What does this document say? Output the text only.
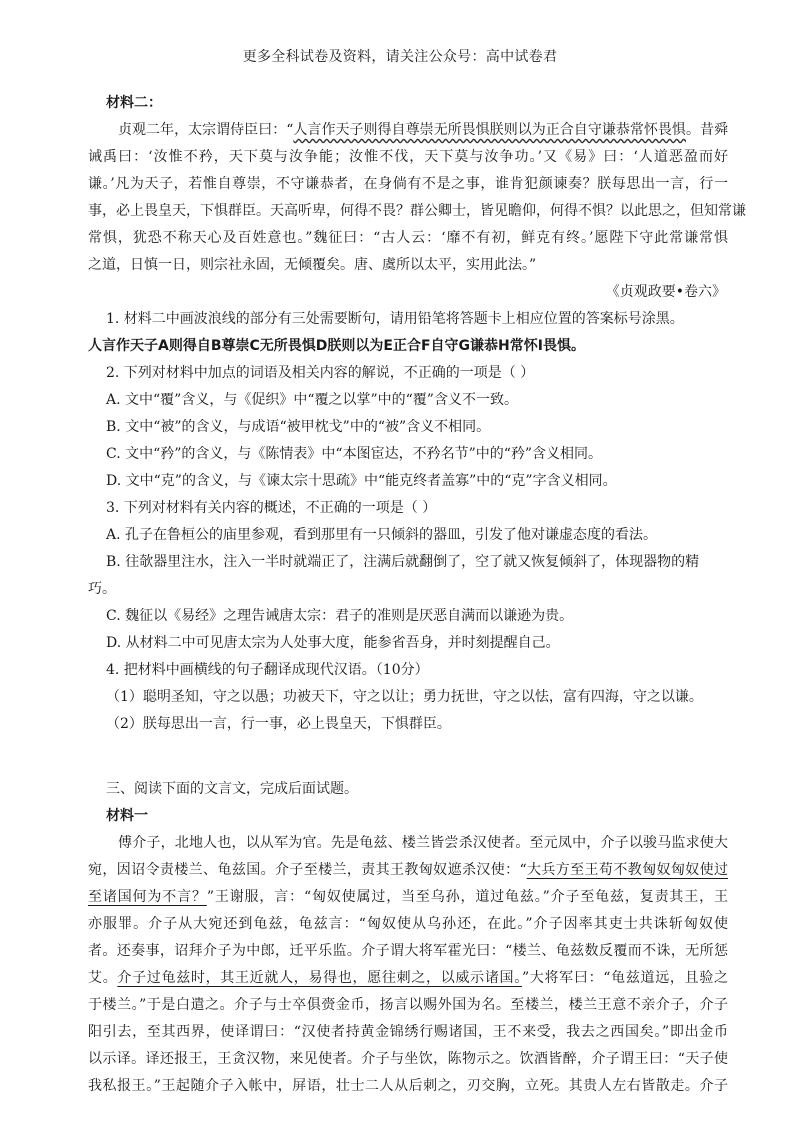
更多全科试卷及资料，请关注公众号：高中试卷君
材料二：
贞观二年，太宗谓侍臣曰：“人言作天子则得自尊崇无所畏惧朕则以为正合自守谦恭常怀畏惧。昔舜
诫禹曰：‘汝惟不矜，天下莫与汝争能；汝惟不伐，天下莫与汝争功。’又《易》曰：‘人道恶盈而好
谦。’凡为天子，若惟自尊崇，不守谦恭者，在身倘有不是之事，谁肯犯颜谏奏？朕每思出一言，行一
事，必上畏皇天，下惧群臣。天高听卑，何得不畏？群公卿士，皆见瞻仰，何得不惧？以此思之，但知常谦
常惧，犹恐不称天心及百姓意也。”魏征曰：“古人云：‘靡不有初，鲜克有终。’愿陛下守此常谦常惧
之道，日慎一日，则宗社永固，无倾覆矣。唐、虞所以太平，实用此法。”
《贞观政要•卷六》
1. 材料二中画波浪线的部分有三处需要断句，请用铅笔将答题卡上相应位置的答案标号涂黑。
人言作天子A则得自B尊崇C无所畏惧D朕则以为E正合F自守G谦恭H常怀I畏惧。
2. 下列对材料中加点的词语及相关内容的解说，不正确的一项是（ ）
A. 文中“覆”含义，与《促织》中“覆之以掌”中的“覆”含义不一致。
B. 文中“被”的含义，与成语“被甲枕戈”中的“被”含义不相同。
C. 文中“矜”的含义，与《陈情表》中“本图宦达，不矜名节”中的“矜”含义相同。
D. 文中“克”的含义，与《谏太宗十思疏》中“能克终者盖寡”中的“克”字含义相同。
3. 下列对材料有关内容的概述，不正确的一项是（ ）
A. 孔子在鲁桓公的庙里参观，看到那里有一只倾斜的器皿，引发了他对谦虚态度的看法。
B. 往欹器里注水，注入一半时就端正了，注满后就翻倒了，空了就又恢复倾斜了，体现器物的精
巧。
C. 魏征以《易经》之理告诫唐太宗：君子的准则是厌恶自满而以谦逊为贵。
D. 从材料二中可见唐太宗为人处事大度，能参省吾身，并时刻提醒自己。
4. 把材料中画横线的句子翻译成现代汉语。（10分）
（1）聪明圣知，守之以愚；功被天下，守之以让；勇力抚世，守之以怯，富有四海，守之以谦。
（2）朕每思出一言，行一事，必上畏皇天，下惧群臣。
三、阅读下面的文言文，完成后面试题。
材料一
傅介子，北地人也，以从军为官。先是龟兹、楼兰皆尝杀汉使者。至元凤中，介子以骏马监求使大
宛，因诏令责楼兰、龟兹国。介子至楼兰，责其王教匈奴遮杀汉使：“大兵方至王苟不教匈奴匈奴使过
至诸国何为不言？”王谢服，言：“匈奴使属过，当至乌孙，道过龟兹。”介子至龟兹，复责其王，王
亦服罪。介子从大宛还到龟兹，龟兹言：“匈奴使从乌孙还，在此。”介子因率其吏士共诛斩匈奴使
者。还奏事，诏拜介子为中郎，迁平乐监。介子谓大将军霍光曰：“楼兰、龟兹数反覆而不诛，无所惩
艾。介子过龟兹时，其王近就人，易得也，愿往刺之，以威示诸国。”大将军曰：“龟兹道远，且验之
于楼兰。”于是白遣之。介子与士卒俱赍金币，扬言以赐外国为名。至楼兰，楼兰王意不亲介子，介子
阳引去，至其西界，使译谓曰：“汉使者持黄金锦绣行赐诸国，王不来受，我去之西国矣。”即出金币
以示译。译还报王，王贪汉物，来见使者。介子与坐饮，陈物示之。饮酒皆醉，介子谓王曰：“天子使
我私报王。”王起随介子入帐中，屏语，壮士二人从后刺之，刃交胸，立死。其贵人左右皆散走。介子
